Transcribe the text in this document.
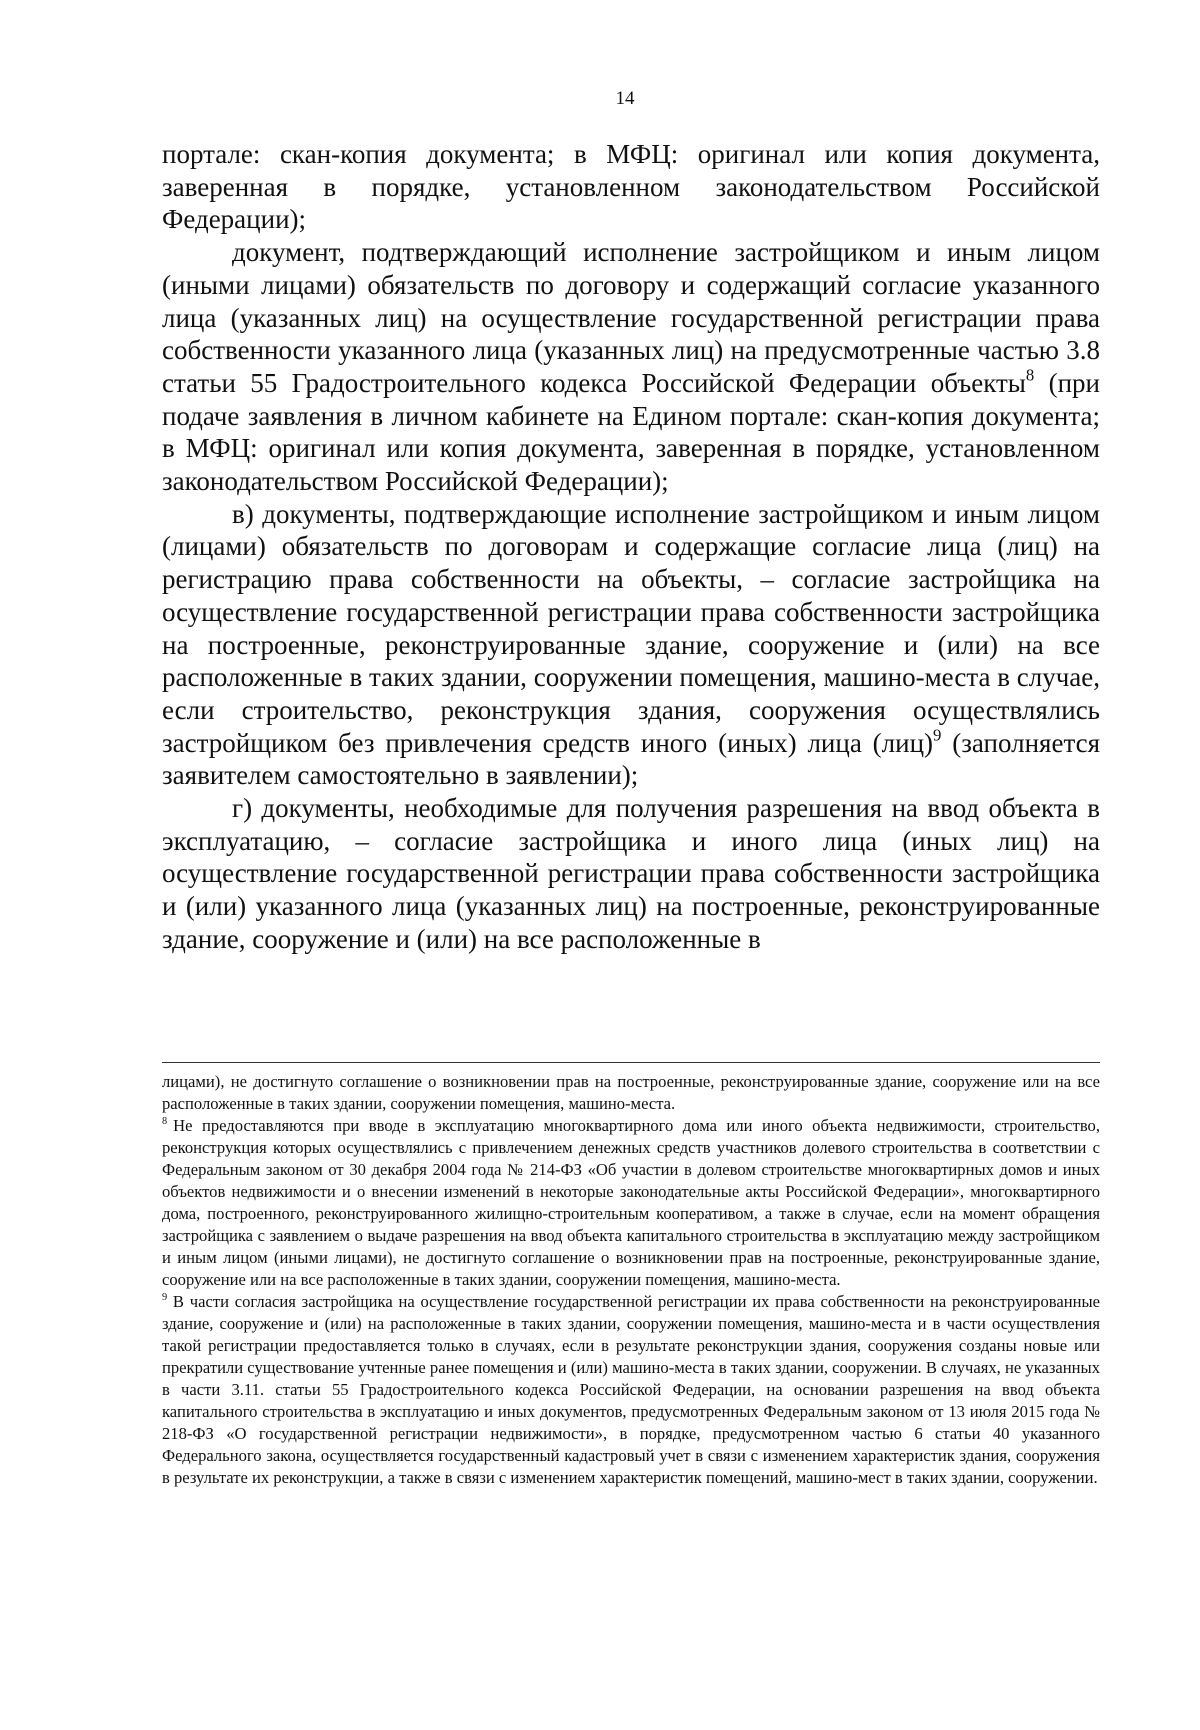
14

порталe: скан-копия документа; в МФЦ: оригинал или копия документа, заверенная в порядке, установленном законодательством Российской Федерации);

документ, подтверждающий исполнение застройщиком и иным лицом (иными лицами) обязательств по договору и содержащий согласие указанного лица (указанных лиц) на осуществление государственной регистрации права собственности указанного лица (указанных лиц) на предусмотренные частью 3.8 статьи 55 Градостроительного кодекса Российской Федерации объекты$^8$ (при подаче заявления в личном кабинете на Едином портале: скан-копия документа; в МФЦ: оригинал или копия документа, заверенная в порядке, установленном законодательством Российской Федерации);

в) документы, подтверждающие исполнение застройщиком и иным лицом (лицами) обязательств по договорам и содержащие согласие лица (лиц) на регистрацию права собственности на объекты, – согласие застройщика на осуществление государственной регистрации права собственности застройщика на построенные, реконструированные здание, сооружение и (или) на все расположенные в таких здании, сооружении помещения, машино-места в случае, если строительство, реконструкция здания, сооружения осуществлялись застройщиком без привлечения средств иного (иных) лица (лиц)$^9$ (заполняется заявителем самостоятельно в заявлении);

г) документы, необходимые для получения разрешения на ввод объекта в эксплуатацию, – согласие застройщика и иного лица (иных лиц) на осуществление государственной регистрации права собственности застройщика и (или) указанного лица (указанных лиц) на построенные, реконструированные здание, сооружение и (или) на все расположенные в

лицами), не достигнуто соглашение о возникновении прав на построенные, реконструированные здание, сооружение или на все расположенные в таких здании, сооружении помещения, машино-места.

$^8$ Не предоставляются при вводе в эксплуатацию многоквартирного дома или иного объекта недвижимости, строительство, реконструкция которых осуществлялись с привлечением денежных средств участников долевого строительства в соответствии с Федеральным законом от 30 декабря 2004 года № 214-ФЗ «Об участии в долевом строительстве многоквартирных домов и иных объектов недвижимости и о внесении изменений в некоторые законодательные акты Российской Федерации», многоквартирного дома, построенного, реконструированного жилищно-строительным кооперативом, а также в случае, если на момент обращения застройщика с заявлением о выдаче разрешения на ввод объекта капитального строительства в эксплуатацию между застройщиком и иным лицом (иными лицами), не достигнуто соглашение о возникновении прав на построенные, реконструированные здание, сооружение или на все расположенные в таких здании, сооружении помещения, машино-места.

$^9$ В части согласия застройщика на осуществление государственной регистрации их права собственности на реконструированные здание, сооружение и (или) на расположенные в таких здании, сооружении помещения, машино-места и в части осуществления такой регистрации предоставляется только в случаях, если в результате реконструкции здания, сооружения созданы новые или прекратили существование учтенные ранее помещения и (или) машино-места в таких здании, сооружении. В случаях, не указанных в части 3.11. статьи 55 Градостроительного кодекса Российской Федерации, на основании разрешения на ввод объекта капитального строительства в эксплуатацию и иных документов, предусмотренных Федеральным законом от 13 июля 2015 года № 218-ФЗ «О государственной регистрации недвижимости», в порядке, предусмотренном частью 6 статьи 40 указанного Федерального закона, осуществляется государственный кадастровый учет в связи с изменением характеристик здания, сооружения в результате их реконструкции, а также в связи с изменением характеристик помещений, машино-мест в таких здании, сооружении.
